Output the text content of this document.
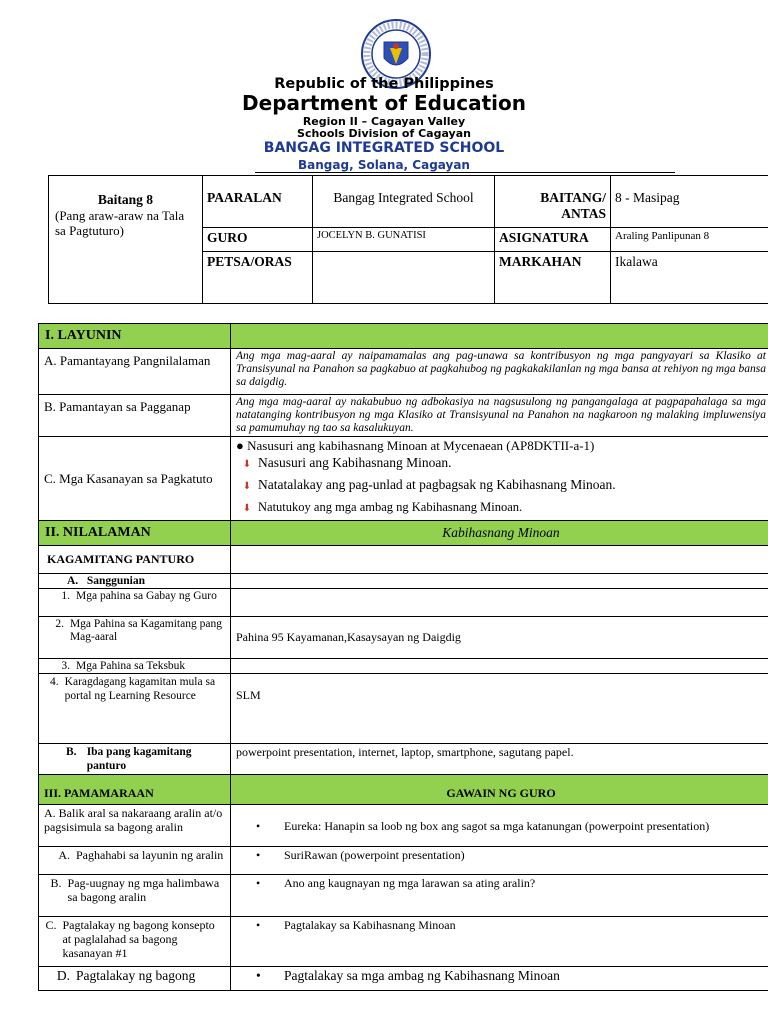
Republic of the Philippines
Department of Education
Region II – Cagayan Valley
Schools Division of Cagayan
BANGAG INTEGRATED SCHOOL
Bangag, Solana, Cagayan
Baitang 8
(Pang araw-araw na Tala sa Pagtuturo)	PAARALAN	Bangag Integrated School	BAITANG/ ANTAS	8 - Masipag
	GURO	JOCELYN B. GUNATISI	ASIGNATURA	Araling Panlipunan 8
	PETSA/ORAS		MARKAHAN	Ikalawa
I. LAYUNIN	
A. Pamantayang Pangnilalaman	Ang mga mag-aaral ay naipamamalas ang pag-unawa sa kontribusyon ng mga pangyayari sa Klasiko at Transisyunal na Panahon sa pagkabuo at pagkahubog ng pagkakakilanlan ng mga bansa at rehiyon ng mga bansa sa daigdig.
B. Pamantayan sa Pagganap	Ang mga mag-aaral ay nakabubuo ng adbokasiya na nagsusulong ng pangangalaga at pagpapahalaga sa mga natatanging kontribusyon ng mga Klasiko at Transisyunal na Panahon na nagkaroon ng malaking impluwensiya sa pamumuhay ng tao sa kasalukuyan.
C. Mga Kasanayan sa Pagkatuto	● Nasusuri ang kabihasnang Minoan at Mycenaean (AP8DKTII-a-1)
⬇ Nasusuri ang Kabihasnang Minoan.
⬇ Natatalakay ang pag-unlad at pagbagsak ng Kabihasnang Minoan.
⬇ Natutukoy ang mga ambag ng Kabihasnang Minoan.

II. NILALAMAN	Kabihasnang Minoan
KAGAMITANG PANTURO	
A. Sanggunian	

1. Mga pahina sa Gabay ng Guro	

2. Mga Pahina sa Kagamitang pang Mag-aaral	Pahina 95 Kayamanan,Kasaysayan ng Daigdig

3. Mga Pahina sa Teksbuk	

4. Karagdagang kagamitan mula sa portal ng Learning Resource	SLM

B. Iba pang kagamitang panturo	powerpoint presentation, internet, laptop, smartphone, sagutang papel.
III. PAMAMARAAN	GAWAIN NG GURO
A. Balik aral sa nakaraang aralin at/o pagsisimula sa bagong aralin	• Eureka: Hanapin sa loob ng box ang sagot sa mga katanungan (powerpoint presentation)

A. Paghahabi sa layunin ng aralin	• SuriRawan (powerpoint presentation)

B. Pag-uugnay ng mga halimbawa sa bagong aralin	• Ano ang kaugnayan ng mga larawan sa ating aralin?

C. Pagtalakay ng bagong konsepto at paglalahad sa bagong kasanayan #1	• Pagtalakay sa Kabihasnang Minoan

D. Pagtalakay ng bagong	• Pagtalakay sa mga ambag ng Kabihasnang Minoan
